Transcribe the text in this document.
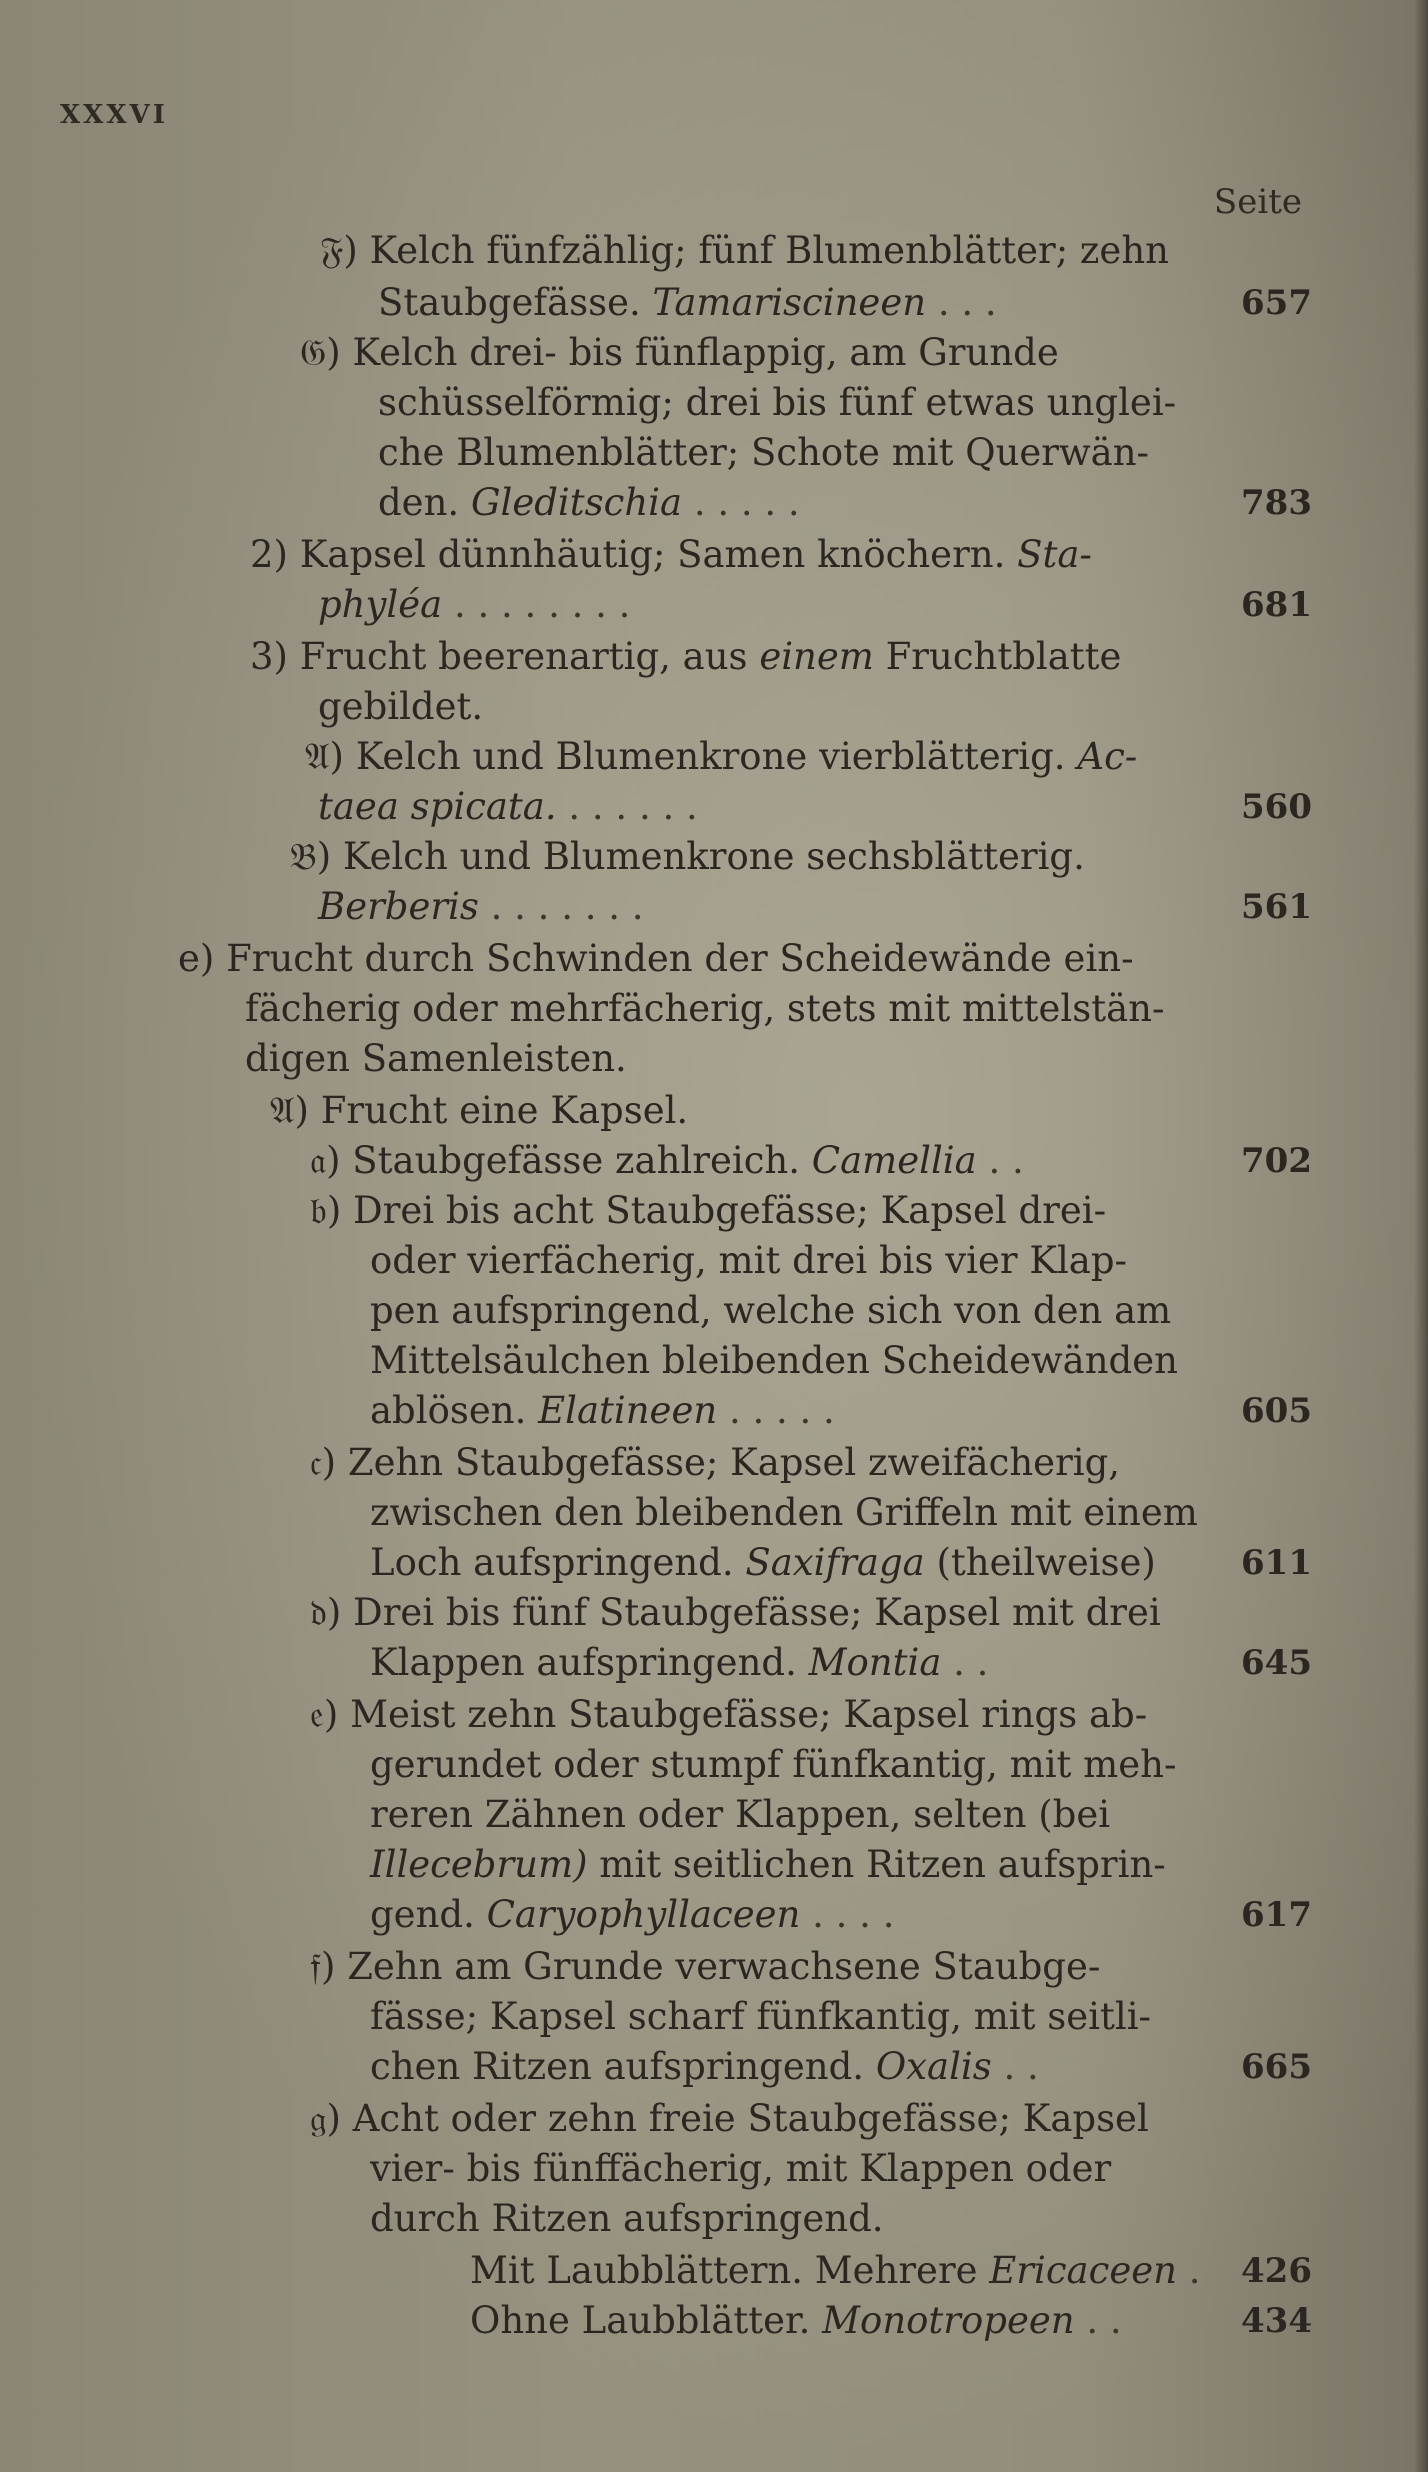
XXXVI
Seite
𝔉) Kelch fünfzählig; fünf Blumenblätter; zehn
Staubgefässe. Tamariscineen . . .	657
𝔊) Kelch drei- bis fünflappig, am Grunde
schüsselförmig; drei bis fünf etwas unglei-
che Blumenblätter; Schote mit Querwän-
den. Gleditschia . . . . .	783
2) Kapsel dünnhäutig; Samen knöchern. Sta-
phyléa . . . . . . . .	681
3) Frucht beerenartig, aus einem Fruchtblatte
gebildet.
𝔄) Kelch und Blumenkrone vierblätterig. Ac-
taea spicata. . . . . . .	560
𝔅) Kelch und Blumenkrone sechsblätterig.
Berberis . . . . . . .	561
e) Frucht durch Schwinden der Scheidewände ein-
fächerig oder mehrfächerig, stets mit mittelstän-
digen Samenleisten.
𝔄) Frucht eine Kapsel.
𝔞) Staubgefässe zahlreich. Camellia . .	702
𝔟) Drei bis acht Staubgefässe; Kapsel drei-
oder vierfächerig, mit drei bis vier Klap-
pen aufspringend, welche sich von den am
Mittelsäulchen bleibenden Scheidewänden
ablösen. Elatineen . . . . .	605
𝔠) Zehn Staubgefässe; Kapsel zweifächerig,
zwischen den bleibenden Griffeln mit einem
Loch aufspringend. Saxifraga (theilweise)	611
𝔡) Drei bis fünf Staubgefässe; Kapsel mit drei
Klappen aufspringend. Montia . .	645
𝔢) Meist zehn Staubgefässe; Kapsel rings ab-
gerundet oder stumpf fünfkantig, mit meh-
reren Zähnen oder Klappen, selten (bei
Illecebrum) mit seitlichen Ritzen aufsprin-
gend. Caryophyllaceen . . . .	617
𝔣) Zehn am Grunde verwachsene Staubge-
fässe; Kapsel scharf fünfkantig, mit seitli-
chen Ritzen aufspringend. Oxalis . .	665
𝔤) Acht oder zehn freie Staubgefässe; Kapsel
vier- bis fünffächerig, mit Klappen oder
durch Ritzen aufspringend.
Mit Laubblättern. Mehrere Ericaceen .	426
Ohne Laubblätter. Monotropeen . .	434
